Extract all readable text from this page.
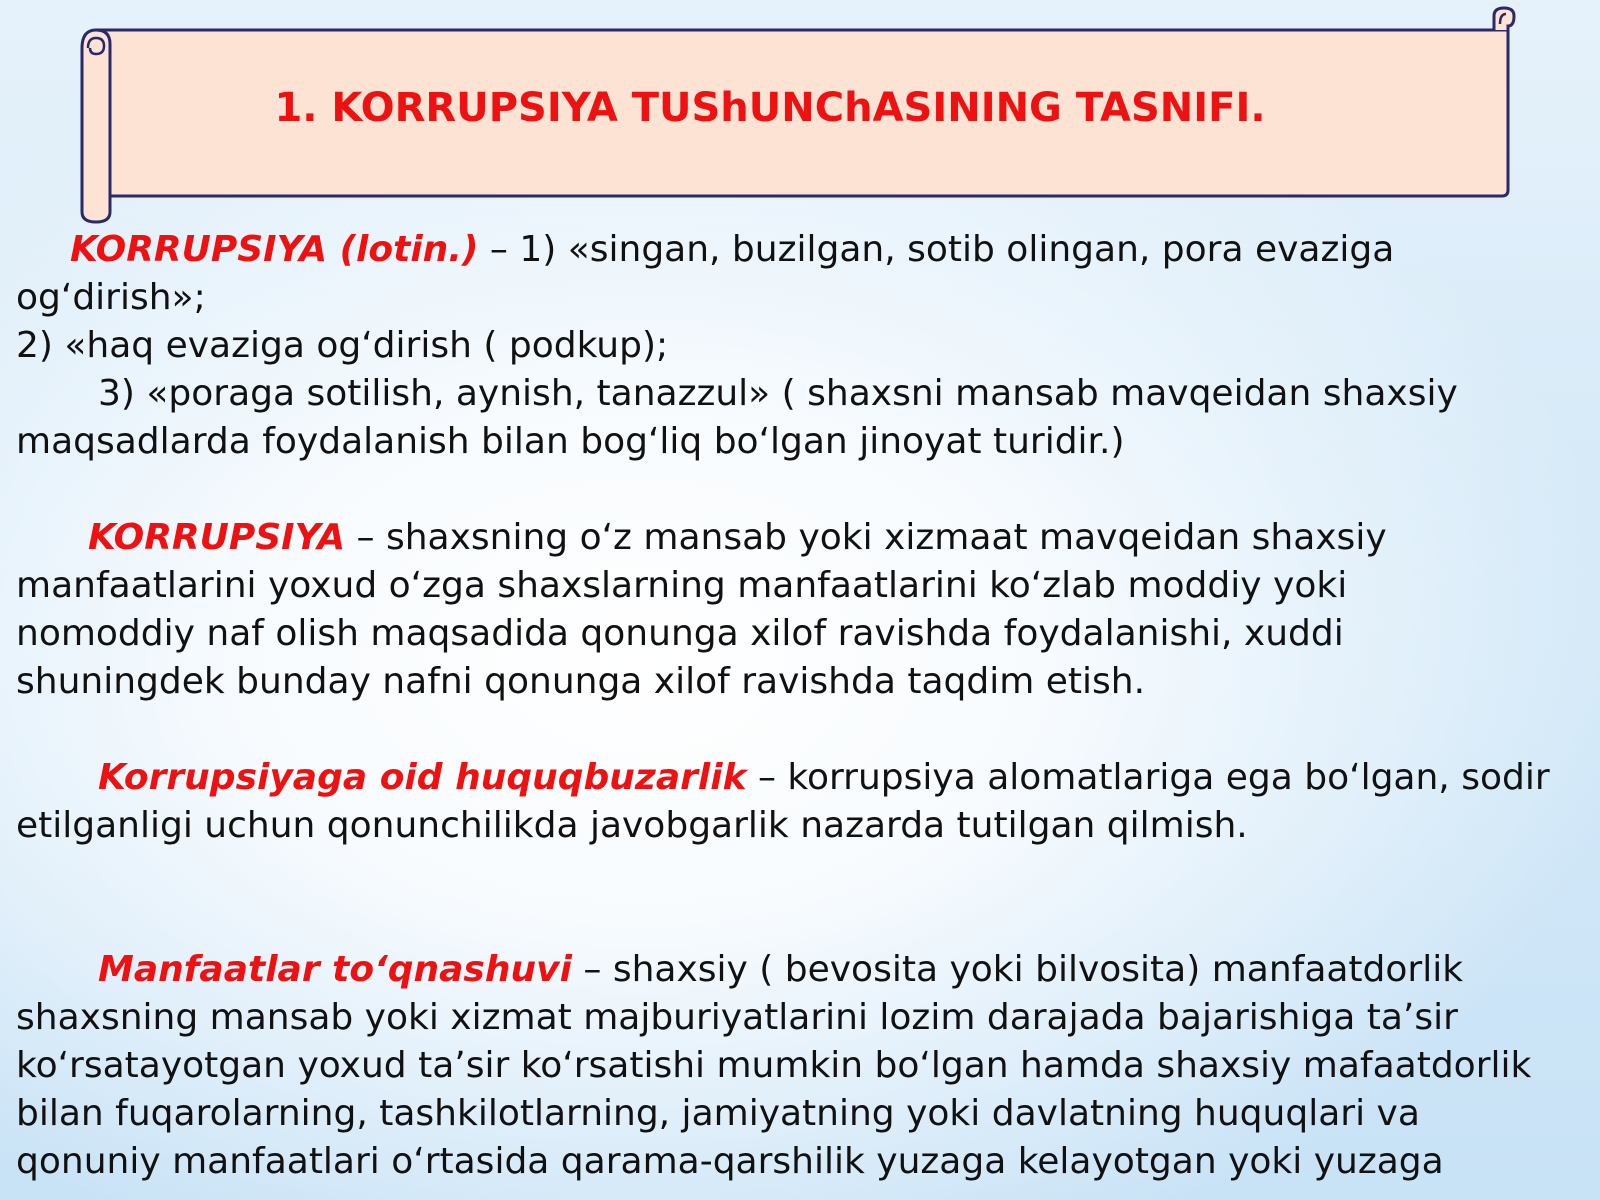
1. KORRUPSIYA TUShUNChASINING TASNIFI.

KORRUPSIYA (lotin.) – 1) «singan, buzilgan, sotib olingan, pora evaziga

og‘dirish»;

2) «haq evaziga og‘dirish ( podkup);

3) «poraga sotilish, aynish, tanazzul» ( shaxsni mansab mavqeidan shaxsiy

maqsadlarda foydalanish bilan bog‘liq bo‘lgan jinoyat turidir.)

KORRUPSIYA – shaxsning o‘z mansab yoki xizmaat mavqeidan shaxsiy

manfaatlarini yoxud o‘zga shaxslarning manfaatlarini ko‘zlab moddiy yoki

nomoddiy naf olish maqsadida qonunga xilof ravishda foydalanishi, xuddi

shuningdek bunday nafni qonunga xilof ravishda taqdim etish.

Korrupsiyaga oid huquqbuzarlik – korrupsiya alomatlariga ega bo‘lgan, sodir

etilganligi uchun qonunchilikda javobgarlik nazarda tutilgan qilmish.

Manfaatlar to‘qnashuvi – shaxsiy ( bevosita yoki bilvosita) manfaatdorlik

shaxsning mansab yoki xizmat majburiyatlarini lozim darajada bajarishiga ta’sir

ko‘rsatayotgan yoxud ta’sir ko‘rsatishi mumkin bo‘lgan hamda shaxsiy mafaatdorlik

bilan fuqarolarning, tashkilotlarning, jamiyatning yoki davlatning huquqlari va

qonuniy manfaatlari o‘rtasida qarama-qarshilik yuzaga kelayotgan yoki yuzaga
